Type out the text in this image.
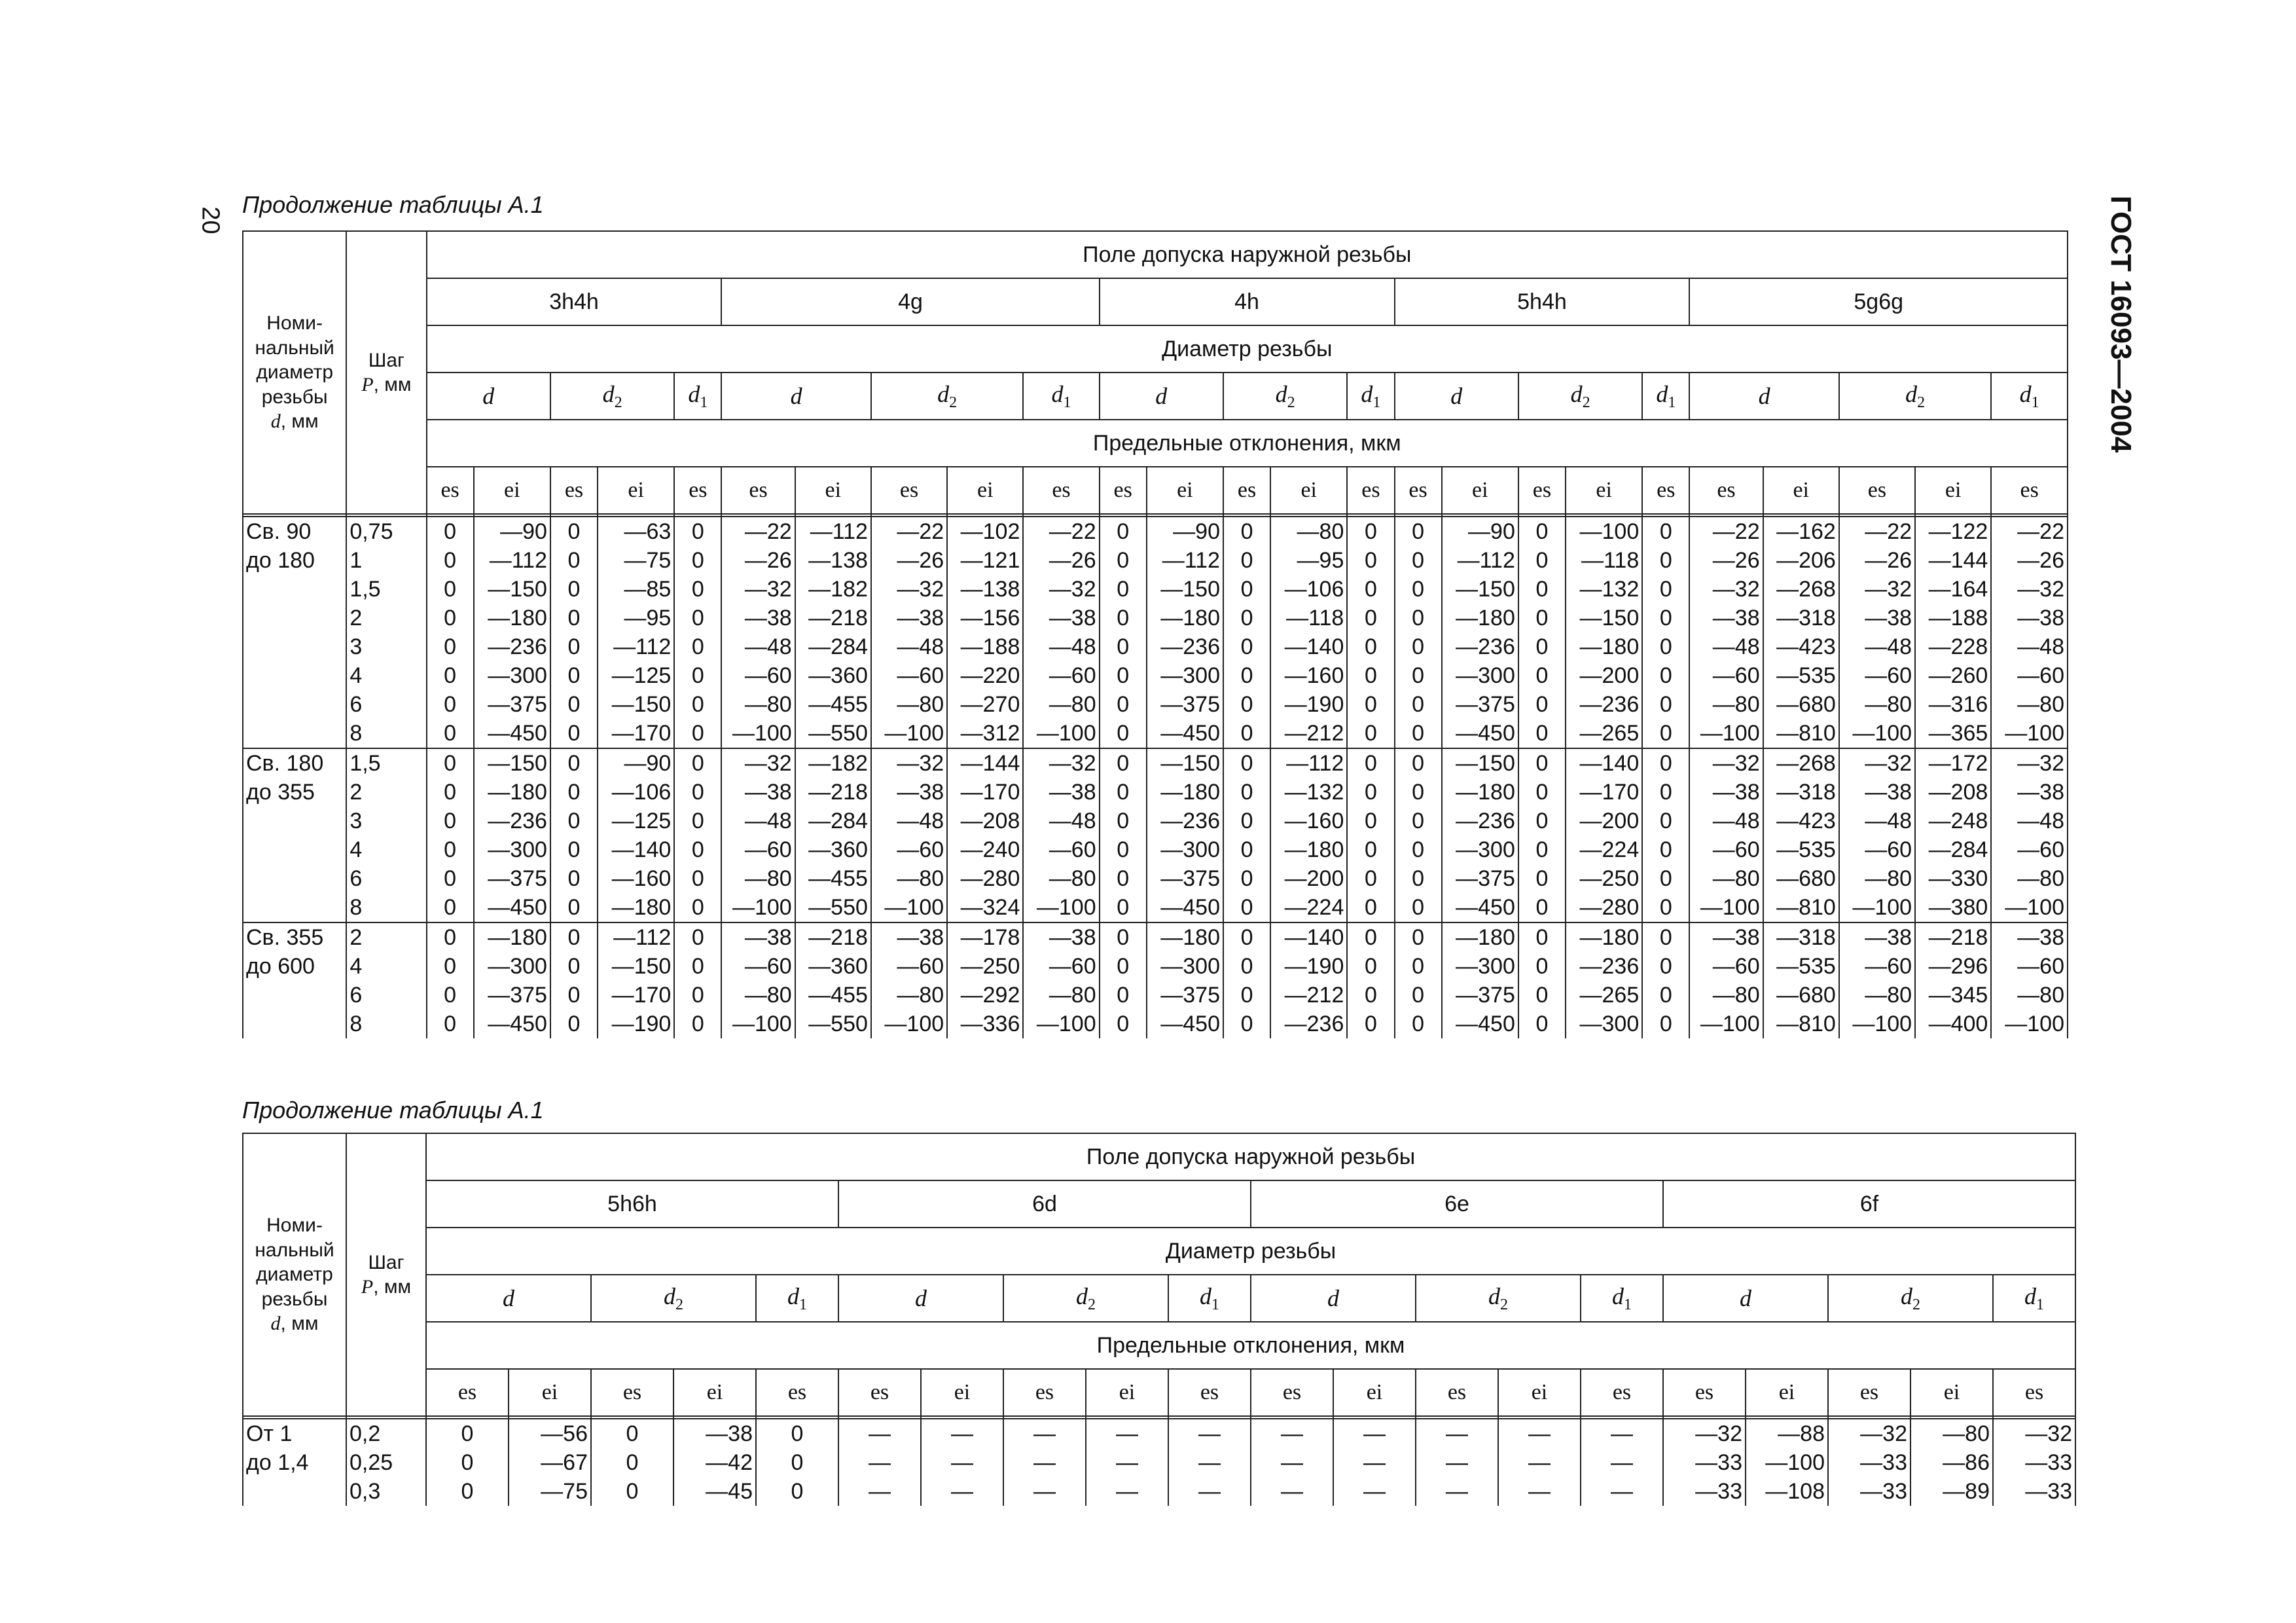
20	ГОСТ 16093—2004
Продолжение таблицы А.1
Номи-​нальный диаметр резьбы
d, мм	Шаг
P, мм	Поле допуска наружной резьбы																								
		3h4h					4g					4h					5h4h					5g6g				
		Диаметр резьбы																								
		d		$d_2$		$d_1$	d		$d_2$		$d_1$	d		$d_2$		$d_1$	d		$d_2$		$d_1$	d		$d_2$		$d_1$
		Предельные отклонения, мкм																								
		es	ei	es	ei	es	es	ei	es	ei	es	es	ei	es	ei	es	es	ei	es	ei	es	es	ei	es	ei	es

Св. 90	0,75	0	—90	0	—63	0	—22	—112	—22	—102	—22	0	—90	0	—80	0	0	—90	0	—100	0	—22	—162	—22	—122	—22
до 180	1	0	—112	0	—75	0	—26	—138	—26	—121	—26	0	—112	0	—95	0	0	—112	0	—118	0	—26	—206	—26	—144	—26
	1,5	0	—150	0	—85	0	—32	—182	—32	—138	—32	0	—150	0	—106	0	0	—150	0	—132	0	—32	—268	—32	—164	—32
	2	0	—180	0	—95	0	—38	—218	—38	—156	—38	0	—180	0	—118	0	0	—180	0	—150	0	—38	—318	—38	—188	—38
	3	0	—236	0	—112	0	—48	—284	—48	—188	—48	0	—236	0	—140	0	0	—236	0	—180	0	—48	—423	—48	—228	—48
	4	0	—300	0	—125	0	—60	—360	—60	—220	—60	0	—300	0	—160	0	0	—300	0	—200	0	—60	—535	—60	—260	—60
	6	0	—375	0	—150	0	—80	—455	—80	—270	—80	0	—375	0	—190	0	0	—375	0	—236	0	—80	—680	—80	—316	—80
	8	0	—450	0	—170	0	—100	—550	—100	—312	—100	0	—450	0	—212	0	0	—450	0	—265	0	—100	—810	—100	—365	—100
Св. 180	1,5	0	—150	0	—90	0	—32	—182	—32	—144	—32	0	—150	0	—112	0	0	—150	0	—140	0	—32	—268	—32	—172	—32
до 355	2	0	—180	0	—106	0	—38	—218	—38	—170	—38	0	—180	0	—132	0	0	—180	0	—170	0	—38	—318	—38	—208	—38
	3	0	—236	0	—125	0	—48	—284	—48	—208	—48	0	—236	0	—160	0	0	—236	0	—200	0	—48	—423	—48	—248	—48
	4	0	—300	0	—140	0	—60	—360	—60	—240	—60	0	—300	0	—180	0	0	—300	0	—224	0	—60	—535	—60	—284	—60
	6	0	—375	0	—160	0	—80	—455	—80	—280	—80	0	—375	0	—200	0	0	—375	0	—250	0	—80	—680	—80	—330	—80
	8	0	—450	0	—180	0	—100	—550	—100	—324	—100	0	—450	0	—224	0	0	—450	0	—280	0	—100	—810	—100	—380	—100
Св. 355	2	0	—180	0	—112	0	—38	—218	—38	—178	—38	0	—180	0	—140	0	0	—180	0	—180	0	—38	—318	—38	—218	—38
до 600	4	0	—300	0	—150	0	—60	—360	—60	—250	—60	0	—300	0	—190	0	0	—300	0	—236	0	—60	—535	—60	—296	—60
	6	0	—375	0	—170	0	—80	—455	—80	—292	—80	0	—375	0	—212	0	0	—375	0	—265	0	—80	—680	—80	—345	—80
	8	0	—450	0	—190	0	—100	—550	—100	—336	—100	0	—450	0	—236	0	0	—450	0	—300	0	—100	—810	—100	—400	—100
Продолжение таблицы А.1
Номи-​нальный диаметр резьбы
d, мм	Шаг
P, мм	Поле допуска наружной резьбы																			
		5h6h					6d					6e					6f				
		Диаметр резьбы																			
		d		$d_2$		$d_1$	d		$d_2$		$d_1$	d		$d_2$		$d_1$	d		$d_2$		$d_1$
		Предельные отклонения, мкм																			
		es	ei	es	ei	es	es	ei	es	ei	es	es	ei	es	ei	es	es	ei	es	ei	es

От 1	0,2	0	—56	0	—38	0	—	—	—	—	—	—	—	—	—	—	—32	—88	—32	—80	—32
до 1,4	0,25	0	—67	0	—42	0	—	—	—	—	—	—	—	—	—	—	—33	—100	—33	—86	—33
	0,3	0	—75	0	—45	0	—	—	—	—	—	—	—	—	—	—	—33	—108	—33	—89	—33
